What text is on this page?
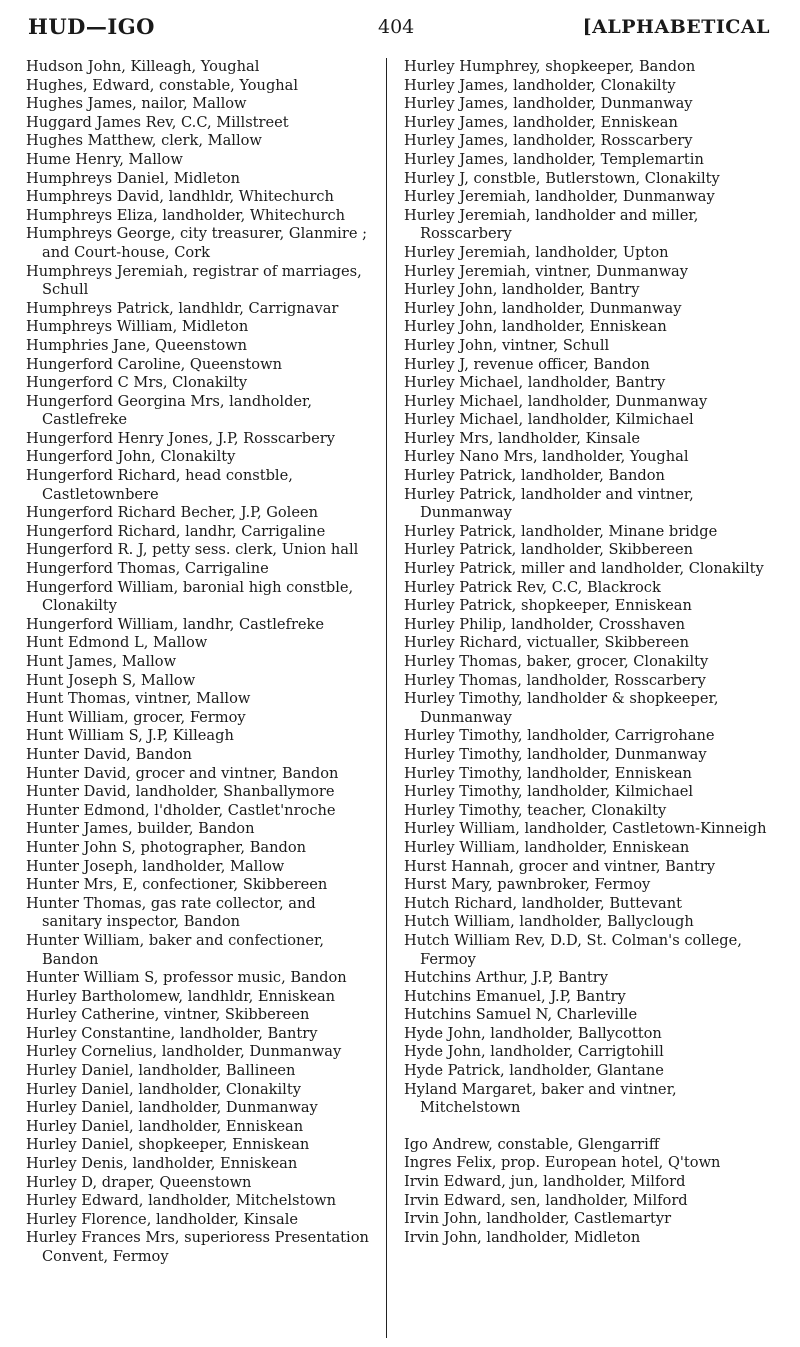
HUD—IGO	404	[ALPHABETICAL
Hudson John, Killeagh, Youghal
Hughes, Edward, constable, Youghal
Hughes James, nailor, Mallow
Huggard James Rev, C.C, Millstreet
Hughes Matthew, clerk, Mallow
Hume Henry, Mallow
Humphreys Daniel, Midleton
Humphreys David, landhldr, Whitechurch
Humphreys Eliza, landholder, Whitechurch
Humphreys George, city treasurer, Glanmire ; and Court-house, Cork
Humphreys Jeremiah, registrar of marriages, Schull
Humphreys Patrick, landhldr, Carrignavar
Humphreys William, Midleton
Humphries Jane, Queenstown
Hungerford Caroline, Queenstown
Hungerford C Mrs, Clonakilty
Hungerford Georgina Mrs, landholder, Castlefreke
Hungerford Henry Jones, J.P, Rosscarbery
Hungerford John, Clonakilty
Hungerford Richard, head constble, Castletownbere
Hungerford Richard Becher, J.P, Goleen
Hungerford Richard, landhr, Carrigaline
Hungerford R. J, petty sess. clerk, Union hall
Hungerford Thomas, Carrigaline
Hungerford William, baronial high constble, Clonakilty
Hungerford William, landhr, Castlefreke
Hunt Edmond L, Mallow
Hunt James, Mallow
Hunt Joseph S, Mallow
Hunt Thomas, vintner, Mallow
Hunt William, grocer, Fermoy
Hunt William S, J.P, Killeagh
Hunter David, Bandon
Hunter David, grocer and vintner, Bandon
Hunter David, landholder, Shanballymore
Hunter Edmond, l'dholder, Castlet'nroche
Hunter James, builder, Bandon
Hunter John S, photographer, Bandon
Hunter Joseph, landholder, Mallow
Hunter Mrs, E, confectioner, Skibbereen
Hunter Thomas, gas rate collector, and sanitary inspector, Bandon
Hunter William, baker and confectioner, Bandon
Hunter William S, professor music, Bandon
Hurley Bartholomew, landhldr, Enniskean
Hurley Catherine, vintner, Skibbereen
Hurley Constantine, landholder, Bantry
Hurley Cornelius, landholder, Dunmanway
Hurley Daniel, landholder, Ballineen
Hurley Daniel, landholder, Clonakilty
Hurley Daniel, landholder, Dunmanway
Hurley Daniel, landholder, Enniskean
Hurley Daniel, shopkeeper, Enniskean
Hurley Denis, landholder, Enniskean
Hurley D, draper, Queenstown
Hurley Edward, landholder, Mitchelstown
Hurley Florence, landholder, Kinsale
Hurley Frances Mrs, superioress Presentation Convent, Fermoy
Hurley Humphrey, shopkeeper, Bandon
Hurley James, landholder, Clonakilty
Hurley James, landholder, Dunmanway
Hurley James, landholder, Enniskean
Hurley James, landholder, Rosscarbery
Hurley James, landholder, Templemartin
Hurley J, constble, Butlerstown, Clonakilty
Hurley Jeremiah, landholder, Dunmanway
Hurley Jeremiah, landholder and miller, Rosscarbery
Hurley Jeremiah, landholder, Upton
Hurley Jeremiah, vintner, Dunmanway
Hurley John, landholder, Bantry
Hurley John, landholder, Dunmanway
Hurley John, landholder, Enniskean
Hurley John, vintner, Schull
Hurley J, revenue officer, Bandon
Hurley Michael, landholder, Bantry
Hurley Michael, landholder, Dunmanway
Hurley Michael, landholder, Kilmichael
Hurley Mrs, landholder, Kinsale
Hurley Nano Mrs, landholder, Youghal
Hurley Patrick, landholder, Bandon
Hurley Patrick, landholder and vintner, Dunmanway
Hurley Patrick, landholder, Minane bridge
Hurley Patrick, landholder, Skibbereen
Hurley Patrick, miller and landholder, Clonakilty
Hurley Patrick Rev, C.C, Blackrock
Hurley Patrick, shopkeeper, Enniskean
Hurley Philip, landholder, Crosshaven
Hurley Richard, victualler, Skibbereen
Hurley Thomas, baker, grocer, Clonakilty
Hurley Thomas, landholder, Rosscarbery
Hurley Timothy, landholder & shopkeeper, Dunmanway
Hurley Timothy, landholder, Carrigrohane
Hurley Timothy, landholder, Dunmanway
Hurley Timothy, landholder, Enniskean
Hurley Timothy, landholder, Kilmichael
Hurley Timothy, teacher, Clonakilty
Hurley William, landholder, Castletown-Kinneigh
Hurley William, landholder, Enniskean
Hurst Hannah, grocer and vintner, Bantry
Hurst Mary, pawnbroker, Fermoy
Hutch Richard, landholder, Buttevant
Hutch William, landholder, Ballyclough
Hutch William Rev, D.D, St. Colman's college, Fermoy
Hutchins Arthur, J.P, Bantry
Hutchins Emanuel, J.P, Bantry
Hutchins Samuel N, Charleville
Hyde John, landholder, Ballycotton
Hyde John, landholder, Carrigtohill
Hyde Patrick, landholder, Glantane
Hyland Margaret, baker and vintner, Mitchelstown
Igo Andrew, constable, Glengarriff
Ingres Felix, prop. European hotel, Q'town
Irvin Edward, jun, landholder, Milford
Irvin Edward, sen, landholder, Milford
Irvin John, landholder, Castlemartyr
Irvin John, landholder, Midleton
